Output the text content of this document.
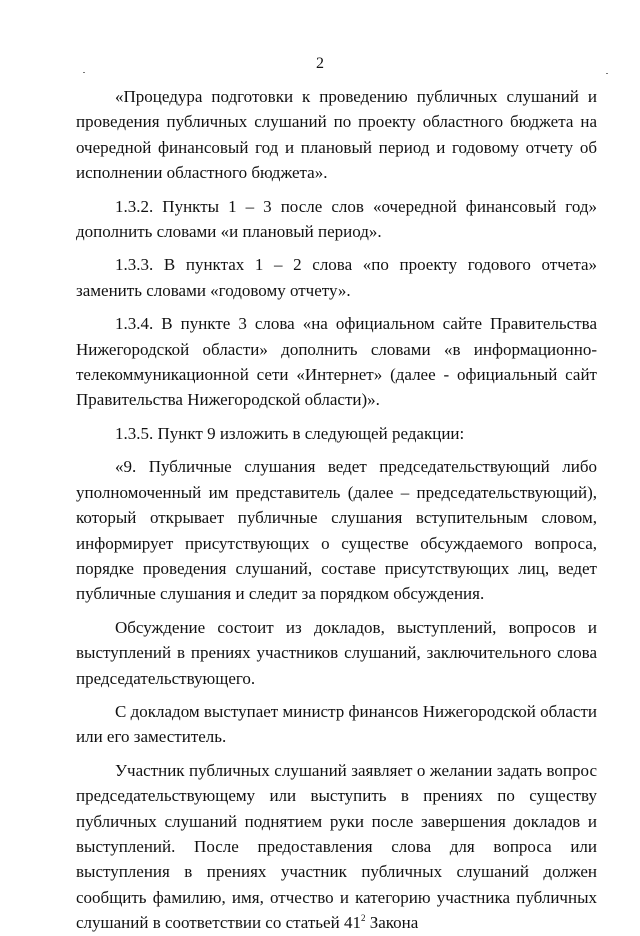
2

«Процедура подготовки к проведению публичных слушаний и проведения публичных слушаний по проекту областного бюджета на очередной финансовый год и плановый период и годовому отчету об исполнении областного бюджета».

1.3.2. Пункты 1 – 3 после слов «очередной финансовый год» дополнить словами «и плановый период».

1.3.3. В пунктах 1 – 2 слова «по проекту годового отчета» заменить словами «годовому отчету».

1.3.4. В пункте 3 слова «на официальном сайте Правительства Нижегородской области» дополнить словами «в информационно-телекоммуникационной сети «Интернет» (далее - официальный сайт Правительства Нижегородской области)».

1.3.5. Пункт 9 изложить в следующей редакции:

«9. Публичные слушания ведет председательствующий либо уполномоченный им представитель (далее – председательствующий), который открывает публичные слушания вступительным словом, информирует присутствующих о существе обсуждаемого вопроса, порядке проведения слушаний, составе присутствующих лиц, ведет публичные слушания и следит за порядком обсуждения.

Обсуждение состоит из докладов, выступлений, вопросов и выступлений в прениях участников слушаний, заключительного слова председательствующего.

С докладом выступает министр финансов Нижегородской области или его заместитель.

Участник публичных слушаний заявляет о желании задать вопрос председательствующему или выступить в прениях по существу публичных слушаний поднятием руки после завершения докладов и выступлений. После предоставления слова для вопроса или выступления в прениях участник публичных слушаний должен сообщить фамилию, имя, отчество и категорию участника публичных слушаний в соответствии со статьей $41^2$ Закона
